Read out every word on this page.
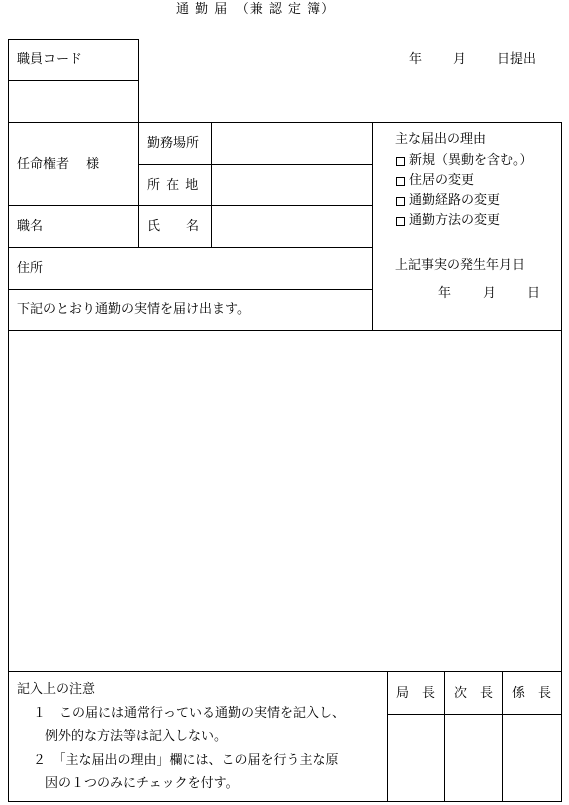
通 勤 届　（兼 認 定 簿）
職員コード	年 月 日提出
任命権者　 様
勤務場所
所 在 地
職名	氏　　名
住所
下記のとおり通勤の実情を届け出ます。
主な届出の理由
新規（異動を含む。）
住居の変更
通勤経路の変更
通勤方法の変更
上記事実の発生年月日
年 月 日
記入上の注意
１　この届には通常行っている通勤の実情を記入し、
例外的な方法等は記入しない。
２　「主な届出の理由」欄には、この届を行う主な原
因の１つのみにチェックを付す。
局　長 次　長 係　長
